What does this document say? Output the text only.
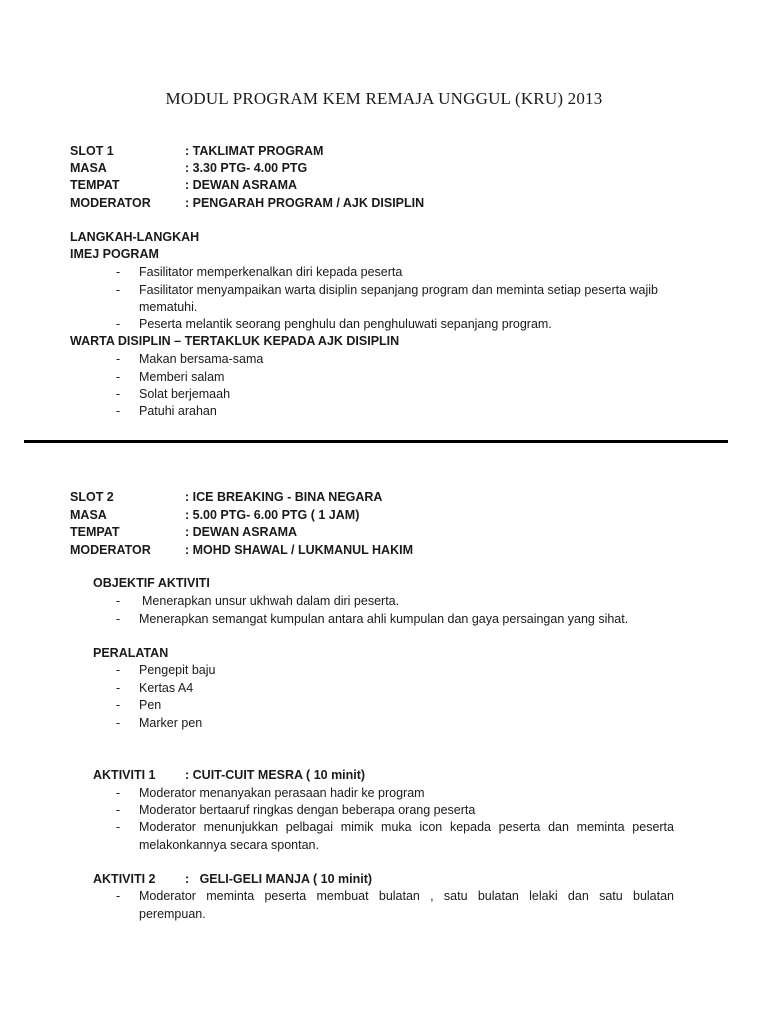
MODUL PROGRAM KEM REMAJA UNGGUL (KRU) 2013
SLOT 1	: TAKLIMAT PROGRAM
MASA	: 3.30 PTG- 4.00 PTG
TEMPAT	: DEWAN ASRAMA
MODERATOR	: PENGARAH PROGRAM / AJK DISIPLIN
LANGKAH-LANGKAH
IMEJ POGRAM
- Fasilitator memperkenalkan diri kepada peserta
- Fasilitator menyampaikan warta disiplin sepanjang program dan meminta setiap peserta wajib
mematuhi.
- Peserta melantik seorang penghulu dan penghuluwati sepanjang program.
WARTA DISIPLIN – TERTAKLUK KEPADA AJK DISIPLIN
- Makan bersama-sama
- Memberi salam
- Solat berjemaah
- Patuhi arahan
SLOT 2	: ICE BREAKING - BINA NEGARA
MASA	: 5.00 PTG- 6.00 PTG ( 1 JAM)
TEMPAT	: DEWAN ASRAMA
MODERATOR	: MOHD SHAWAL / LUKMANUL HAKIM
OBJEKTIF AKTIVITI
- Menerapkan unsur ukhwah dalam diri peserta.
- Menerapkan semangat kumpulan antara ahli kumpulan dan gaya persaingan yang sihat.
PERALATAN
- Pengepit baju
- Kertas A4
- Pen
- Marker pen
AKTIVITI 1 : CUIT-CUIT MESRA ( 10 minit)
- Moderator menanyakan perasaan hadir ke program
- Moderator bertaaruf ringkas dengan beberapa orang peserta
- Moderator menunjukkan pelbagai mimik muka icon kepada peserta dan meminta peserta
melakonkannya secara spontan.
AKTIVITI 2 :   GELI-GELI MANJA ( 10 minit)
- Moderator meminta peserta membuat bulatan , satu bulatan lelaki dan satu bulatan
perempuan.
